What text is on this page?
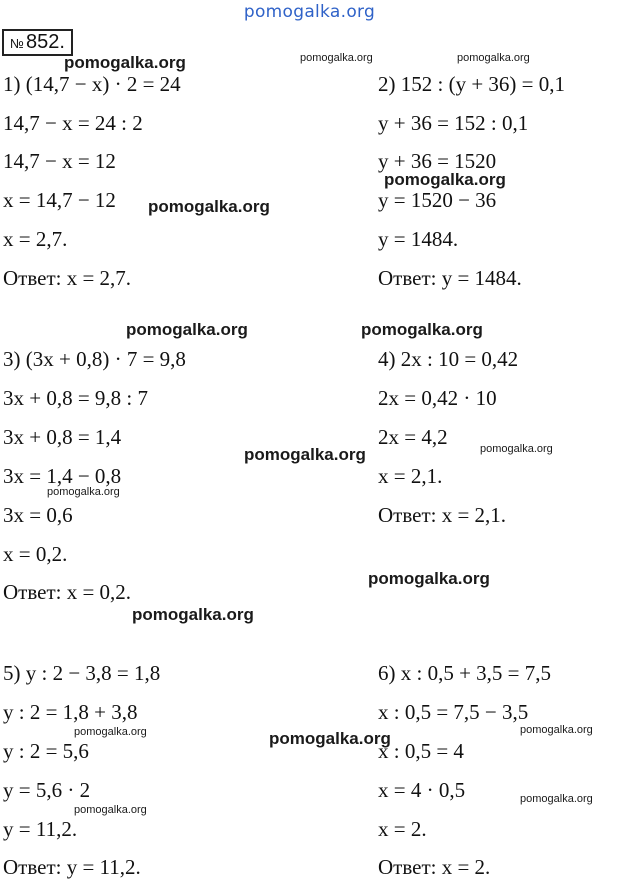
pomogalka.org
№ 852.
1) (14,7 − x) · 2 = 24
14,7 − x = 24 : 2
14,7 − x = 12
x = 14,7 − 12
x = 2,7.
Ответ: x = 2,7.
2) 152 : (y + 36) = 0,1
y + 36 = 152 : 0,1
y + 36 = 1520
y = 1520 − 36
y = 1484.
Ответ: y = 1484.
3) (3x + 0,8) · 7 = 9,8
3x + 0,8 = 9,8 : 7
3x + 0,8 = 1,4
3x = 1,4 − 0,8
3x = 0,6
x = 0,2.
Ответ: x = 0,2.
4) 2x : 10 = 0,42
2x = 0,42 · 10
2x = 4,2
x = 2,1.
Ответ: x = 2,1.
5) y : 2 − 3,8 = 1,8
y : 2 = 1,8 + 3,8
y : 2 = 5,6
y = 5,6 · 2
y = 11,2.
Ответ: y = 11,2.
6) x : 0,5 + 3,5 = 7,5
x : 0,5 = 7,5 − 3,5
x : 0,5 = 4
x = 4 · 0,5
x = 2.
Ответ: x = 2.
pomogalka.org	pomogalka.org	pomogalka.org
pomogalka.org
pomogalka.org
pomogalka.org	pomogalka.org
pomogalka.org	pomogalka.org
pomogalka.org
pomogalka.org
pomogalka.org
pomogalka.org	pomogalka.org	pomogalka.org
pomogalka.org
pomogalka.org
